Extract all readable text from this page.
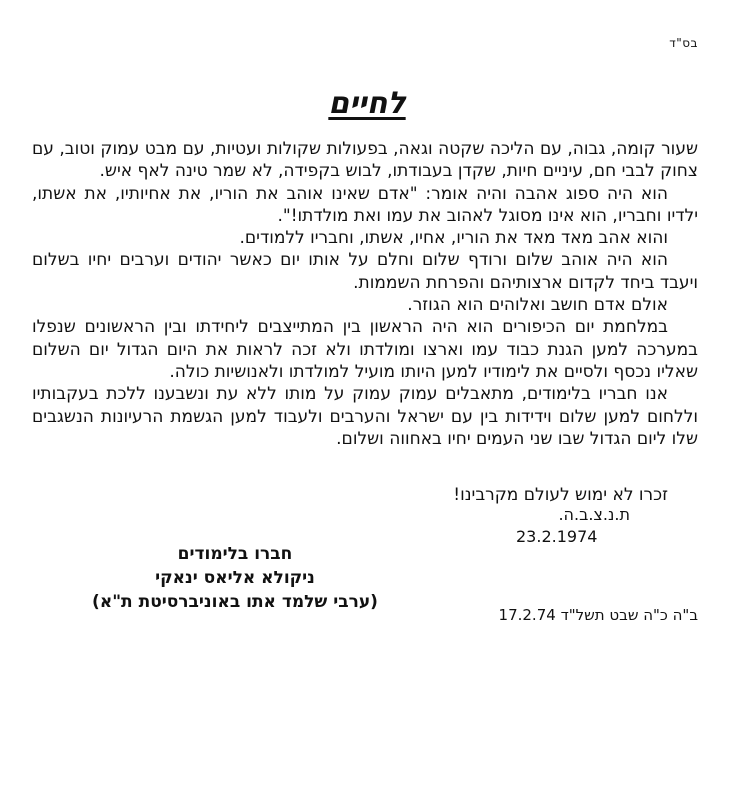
בס"ד
לחיים

שעור קומה, גבוה, עם הליכה שקטה וגאה, בפעולות שקולות ועטיות, עם מבט עמוק וטוב, עם צחוק לבבי חם, עיניים חיות, שקדן בעבודתו, לבוש בקפידה, לא שמר טינה לאף איש.

הוא היה ספוג אהבה והיה אומר: "אדם שאינו אוהב את הוריו, את אחיותיו, את אשתו, ילדיו וחבריו, הוא אינו מסוגל לאהוב את עמו ואת מולדתו!".

והוא אהב מאד מאד את הוריו, אחיו, אשתו, וחבריו ללמודים.

הוא היה אוהב שלום ורודף שלום וחלם על אותו יום כאשר יהודים וערבים יחיו בשלום ויעבד ביחד לקדום ארצותיהם והפרחת השממות.

אולם אדם חושב ואלוהים הוא הגוזר.

במלחמת יום הכיפורים הוא היה הראשון בין המתייצבים ליחידתו ובין הראשונים שנפלו במערכה למען הגנת כבוד עמו וארצו ומולדתו ולא זכה לראות את היום הגדול יום השלום שאליו נכסף ולסיים את לימודיו למען היותו מועיל למולדתו ולאנושיות כולה.

אנו חבריו בלימודים, מתאבלים עמוק עמוק על מותו ללא עת ונשבענו ללכת בעקבותיו וללחום למען שלום וידידות בין עם ישראל והערבים ולעבוד למען הגשמת הרעיונות הנשגבים שלו ליום הגדול שבו שני העמים יחיו באחווה ושלום.

זכרו לא ימוש לעולם מקרבינו!
ת.נ.צ.ב.ה.
23.2.1974
חברו בלימודים
ניקולא אליאס ינאקי
(ערבי שלמד אתו באוניברסיטת ת"א)
ב"ה כ"ה שבט תשל"ד 17.2.74
